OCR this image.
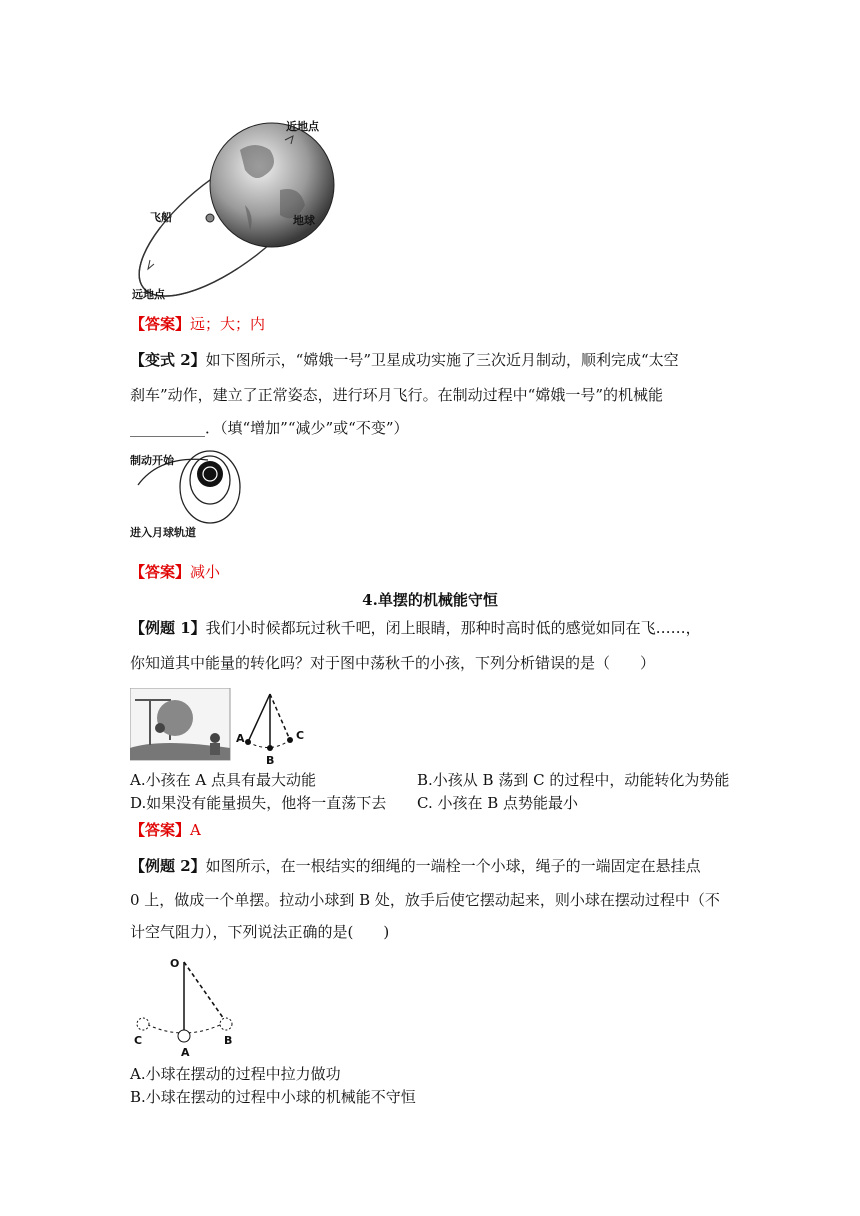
近地点
飞船	地球
远地点
【答案】远；大；内
【变式 2】如下图所示，“嫦娥一号”卫星成功实施了三次近月制动，顺利完成“太空
刹车”动作，建立了正常姿态，进行环月飞行。在制动过程中“嫦娥一号”的机械能
__________．（填“增加”“减少”或“不变”）
制动开始
进入月球轨道
【答案】减小
4.单摆的机械能守恒
【例题 1】我们小时候都玩过秋千吧，闭上眼睛，那种时高时低的感觉如同在飞……，
你知道其中能量的转化吗？对于图中荡秋千的小孩，下列分析错误的是（　　）
A
B
C
A.小孩在 A 点具有最大动能	B.小孩从 B 荡到 C 的过程中，动能转化为势能
D.如果没有能量损失，他将一直荡下去 C. 小孩在 B 点势能最小
【答案】A
【例题 2】如图所示，在一根结实的细绳的一端栓一个小球，绳子的一端固定在悬挂点
0 上，做成一个单摆。拉动小球到 B 处，放手后使它摆动起来，则小球在摆动过程中（不
计空气阻力），下列说法正确的是(　　)
O
A
B
C
A.小球在摆动的过程中拉力做功
B.小球在摆动的过程中小球的机械能不守恒
